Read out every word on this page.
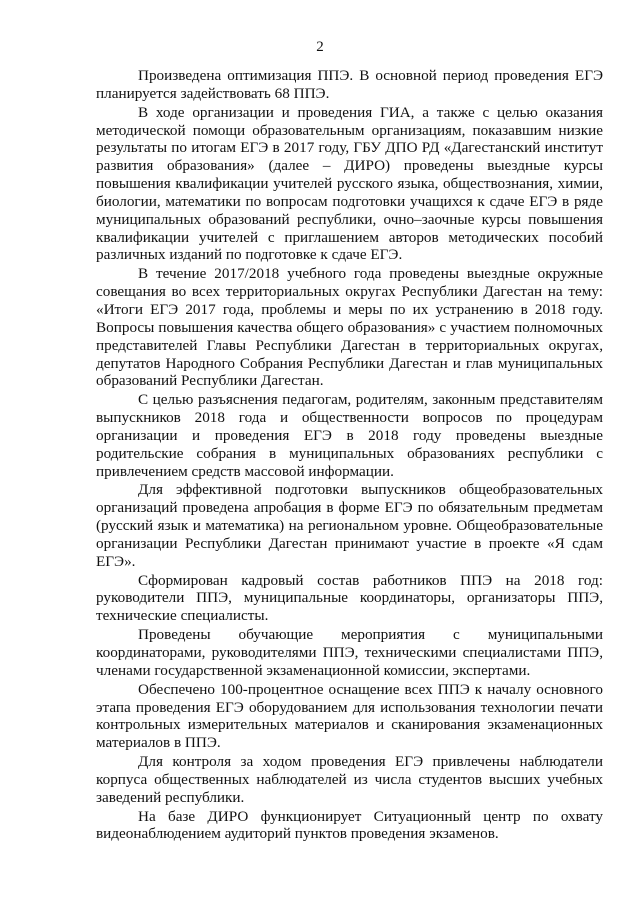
2

Произведена оптимизация ППЭ. В основной период проведения ЕГЭ планируется задействовать 68 ППЭ.

В ходе организации и проведения ГИА, а также с целью оказания методической помощи образовательным организациям, показавшим низкие результаты по итогам ЕГЭ в 2017 году, ГБУ ДПО РД «Дагестанский институт развития образования» (далее – ДИРО) проведены выездные курсы повышения квалификации учителей русского языка, обществознания, химии, биологии, математики по вопросам подготовки учащихся к сдаче ЕГЭ в ряде муниципальных образований республики, очно–заочные курсы повышения квалификации учителей с приглашением авторов методических пособий различных изданий по подготовке к сдаче ЕГЭ.

В течение 2017/2018 учебного года проведены выездные окружные совещания во всех территориальных округах Республики Дагестан на тему: «Итоги ЕГЭ 2017 года, проблемы и меры по их устранению в 2018 году. Вопросы повышения качества общего образования» с участием полномочных представителей Главы Республики Дагестан в территориальных округах, депутатов Народного Собрания Республики Дагестан и глав муниципальных образований Республики Дагестан.

С целью разъяснения педагогам, родителям, законным представителям выпускников 2018 года и общественности вопросов по процедурам организации и проведения ЕГЭ в 2018 году проведены выездные родительские собрания в муниципальных образованиях республики с привлечением средств массовой информации.

Для эффективной подготовки выпускников общеобразовательных организаций проведена апробация в форме ЕГЭ по обязательным предметам (русский язык и математика) на региональном уровне. Общеобразовательные организации Республики Дагестан принимают участие в проекте «Я сдам ЕГЭ».

Сформирован кадровый состав работников ППЭ на 2018 год: руководители ППЭ, муниципальные координаторы, организаторы ППЭ, технические специалисты.

Проведены обучающие мероприятия с муниципальными координаторами, руководителями ППЭ, техническими специалистами ППЭ, членами государственной экзаменационной комиссии, экспертами.

Обеспечено 100-процентное оснащение всех ППЭ к началу основного этапа проведения ЕГЭ оборудованием для использования технологии печати контрольных измерительных материалов и сканирования экзаменационных материалов в ППЭ.

Для контроля за ходом проведения ЕГЭ привлечены наблюдатели корпуса общественных наблюдателей из числа студентов высших учебных заведений республики.

На базе ДИРО функционирует Ситуационный центр по охвату видеонаблюдением аудиторий пунктов проведения экзаменов.
